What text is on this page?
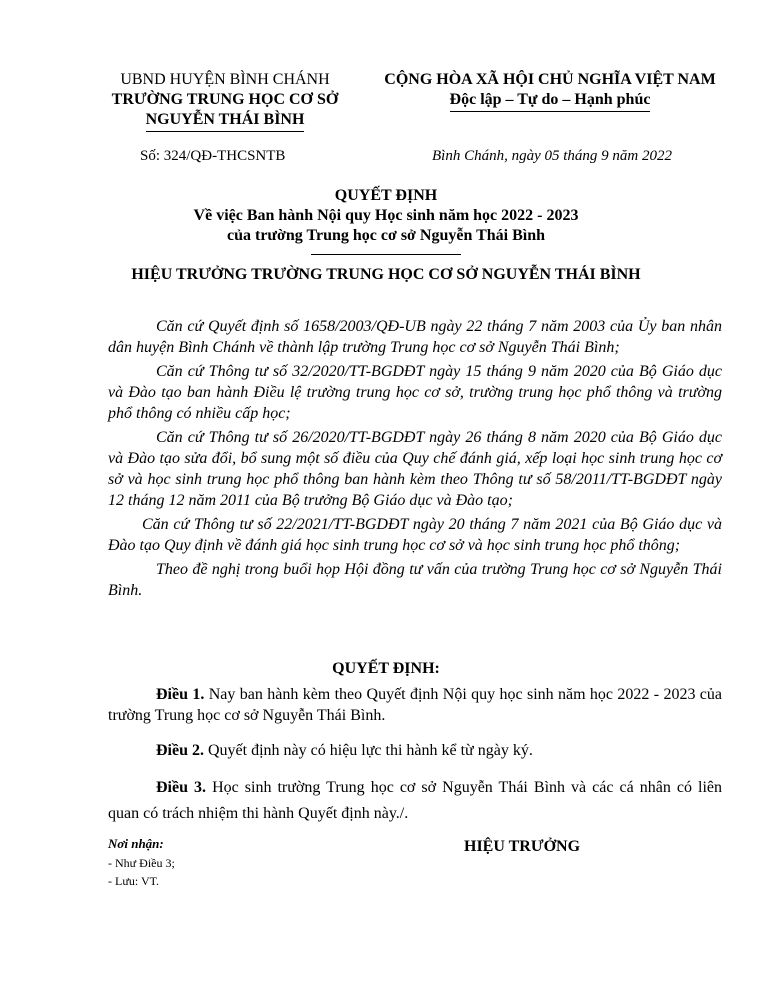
UBND HUYỆN BÌNH CHÁNH
TRƯỜNG TRUNG HỌC CƠ SỞ
NGUYỄN THÁI BÌNH
CỘNG HÒA XÃ HỘI CHỦ NGHĨA VIỆT NAM
Độc lập – Tự do – Hạnh phúc
Số: 324/QĐ-THCSNTB	Bình Chánh, ngày 05 tháng 9 năm 2022
QUYẾT ĐỊNH
Về việc Ban hành Nội quy Học sinh năm học 2022 - 2023
của trường Trung học cơ sở Nguyễn Thái Bình
HIỆU TRƯỞNG TRƯỜNG TRUNG HỌC CƠ SỞ NGUYỄN THÁI BÌNH

Căn cứ Quyết định số 1658/2003/QĐ-UB ngày 22 tháng 7 năm 2003 của Ủy ban nhân dân huyện Bình Chánh về thành lập trường Trung học cơ sở Nguyễn Thái Bình;

Căn cứ Thông tư số 32/2020/TT-BGDĐT ngày 15 tháng 9 năm 2020 của Bộ Giáo dục và Đào tạo ban hành Điều lệ trường trung học cơ sở, trường trung học phổ thông và trường phổ thông có nhiều cấp học;

Căn cứ Thông tư số 26/2020/TT-BGDĐT ngày 26 tháng 8 năm 2020 của Bộ Giáo dục và Đào tạo sửa đổi, bổ sung một số điều của Quy chế đánh giá, xếp loại học sinh trung học cơ sở và học sinh trung học phổ thông ban hành kèm theo Thông tư số 58/2011/TT-BGDĐT ngày 12 tháng 12 năm 2011 của Bộ trưởng Bộ Giáo dục và Đào tạo;

Căn cứ Thông tư số 22/2021/TT-BGDĐT ngày 20 tháng 7 năm 2021 của Bộ Giáo dục và Đào tạo Quy định về đánh giá học sinh trung học cơ sở và học sinh trung học phổ thông;

Theo đề nghị trong buổi họp Hội đồng tư vấn của trường Trung học cơ sở Nguyễn Thái Bình.

QUYẾT ĐỊNH:

Điều 1. Nay ban hành kèm theo Quyết định Nội quy học sinh năm học 2022 - 2023 của trường Trung học cơ sở Nguyễn Thái Bình.

Điều 2. Quyết định này có hiệu lực thi hành kể từ ngày ký.

Điều 3. Học sinh trường Trung học cơ sở Nguyễn Thái Bình và các cá nhân có liên quan có trách nhiệm thi hành Quyết định này./.

Nơi nhận:
- Như Điều 3;
- Lưu: VT.
HIỆU TRƯỞNG
